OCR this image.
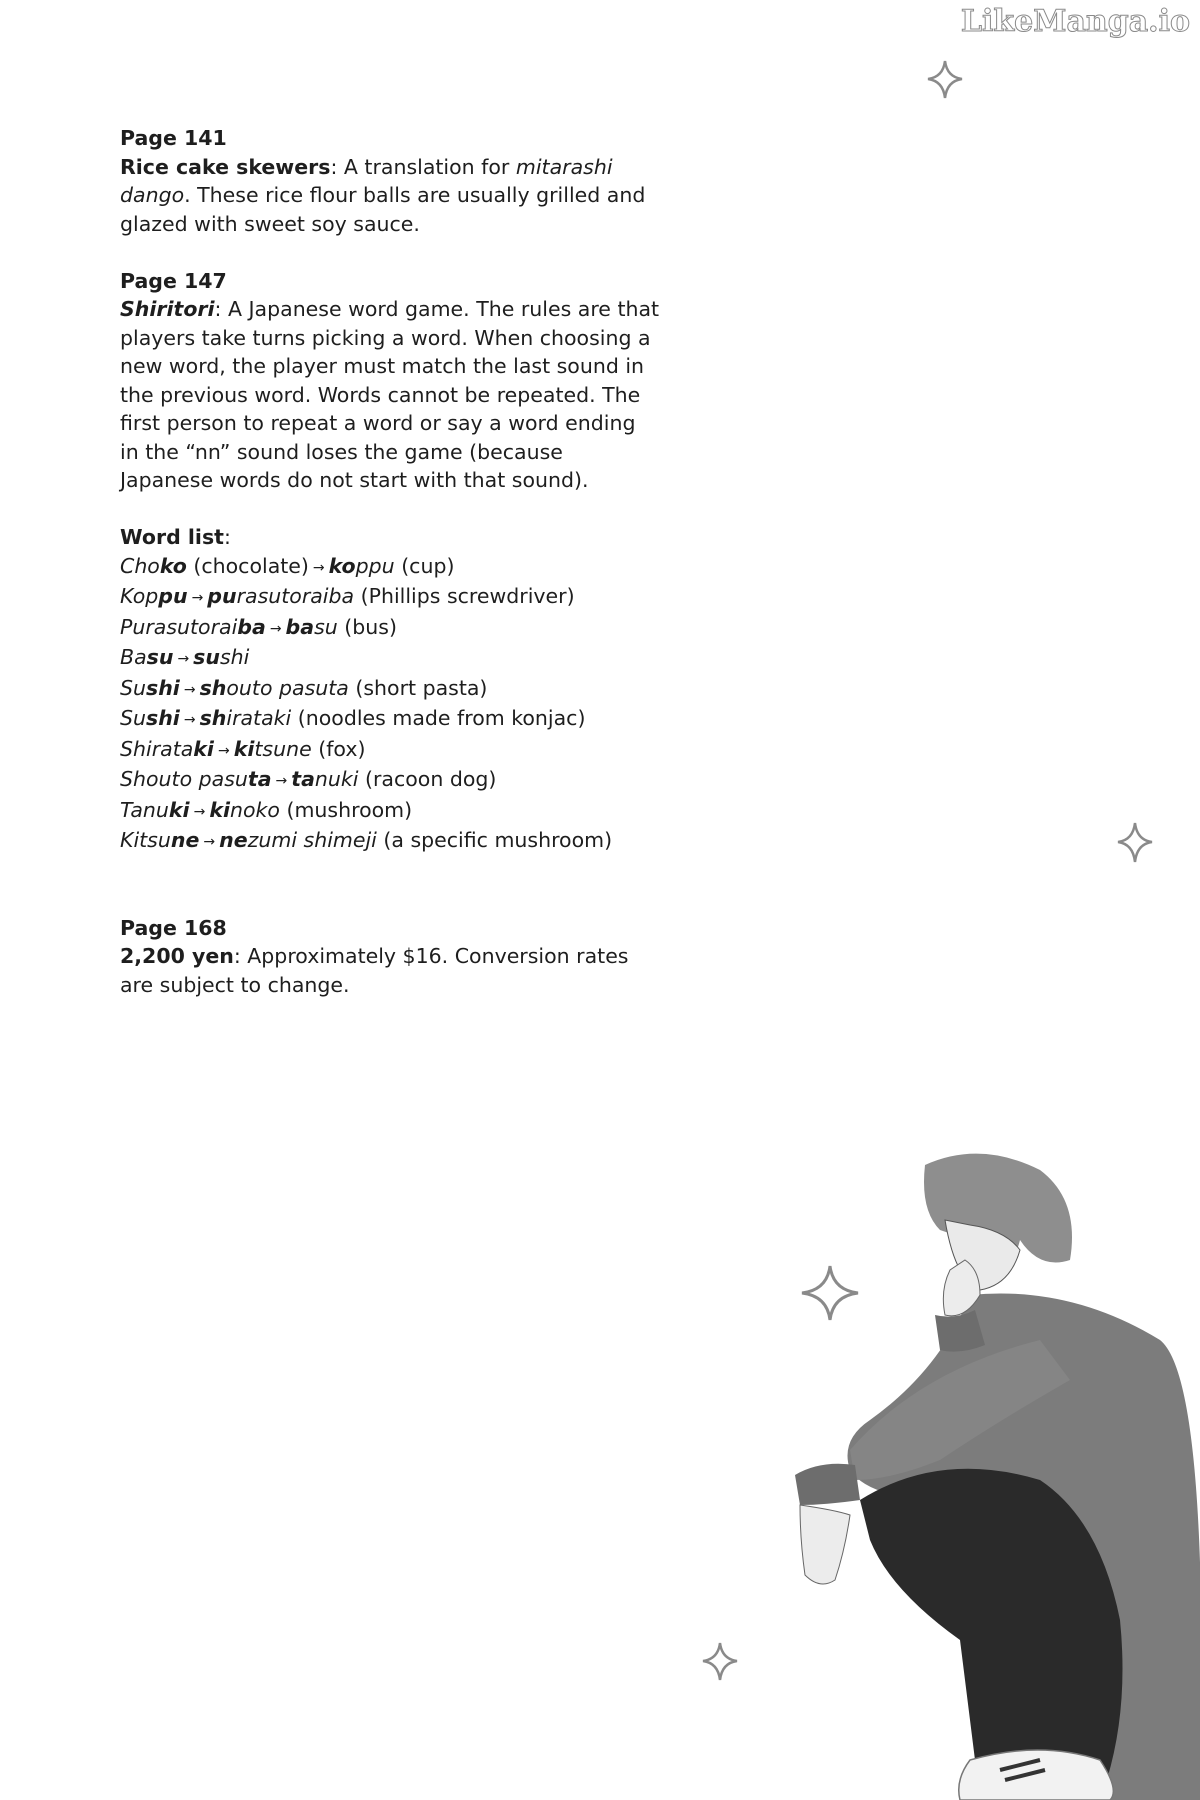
LikeManga.io

Page 141

Rice cake skewers: A translation for mitarashi dango. These rice flour balls are usually grilled and glazed with sweet soy sauce.

Page 147

Shiritori: A Japanese word game. The rules are that players take turns picking a word. When choosing a new word, the player must match the last sound in the previous word. Words cannot be repeated. The first person to repeat a word or say a word ending in the “nn” sound loses the game (because Japanese words do not start with that sound).

Word list:

Choko (chocolate) → koppu (cup)

Koppu → purasutoraiba (Phillips screwdriver)

Purasutoraiba → basu (bus)

Basu → sushi

Sushi → shouto pasuta (short pasta)

Sushi → shirataki (noodles made from konjac)

Shirataki → kitsune (fox)

Shouto pasuta → tanuki (racoon dog)

Tanuki → kinoko (mushroom)

Kitsune → nezumi shimeji (a specific mushroom)

Page 168

2,200 yen: Approximately $16. Conversion rates are subject to change.
